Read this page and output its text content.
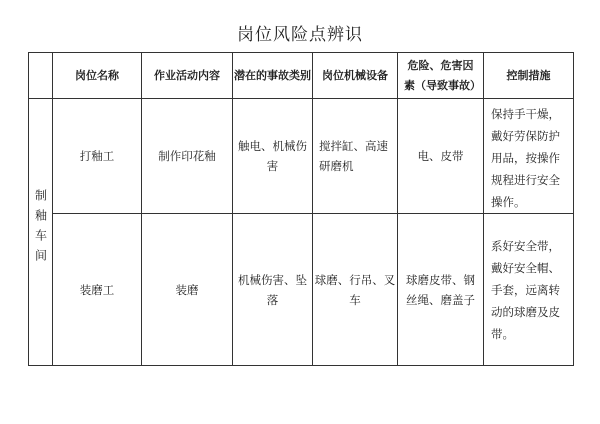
岗位风险点辨识
	岗位名称	作业活动内容	潜在的事故类别	岗位机械设备	危险、危害因素（导致事故）	控制措施
制釉车间	打釉工	制作印花釉	触电、机械伤害	搅拌缸、高速研磨机	电、皮带	保持手干燥，戴好劳保防护用品，按操作规程进行安全操作。
	装磨工	装磨	机械伤害、坠落	球磨、行吊、叉车	球磨皮带、钢丝绳、磨盖子	系好安全带，戴好安全帽、手套，远离转动的球磨及皮带。
